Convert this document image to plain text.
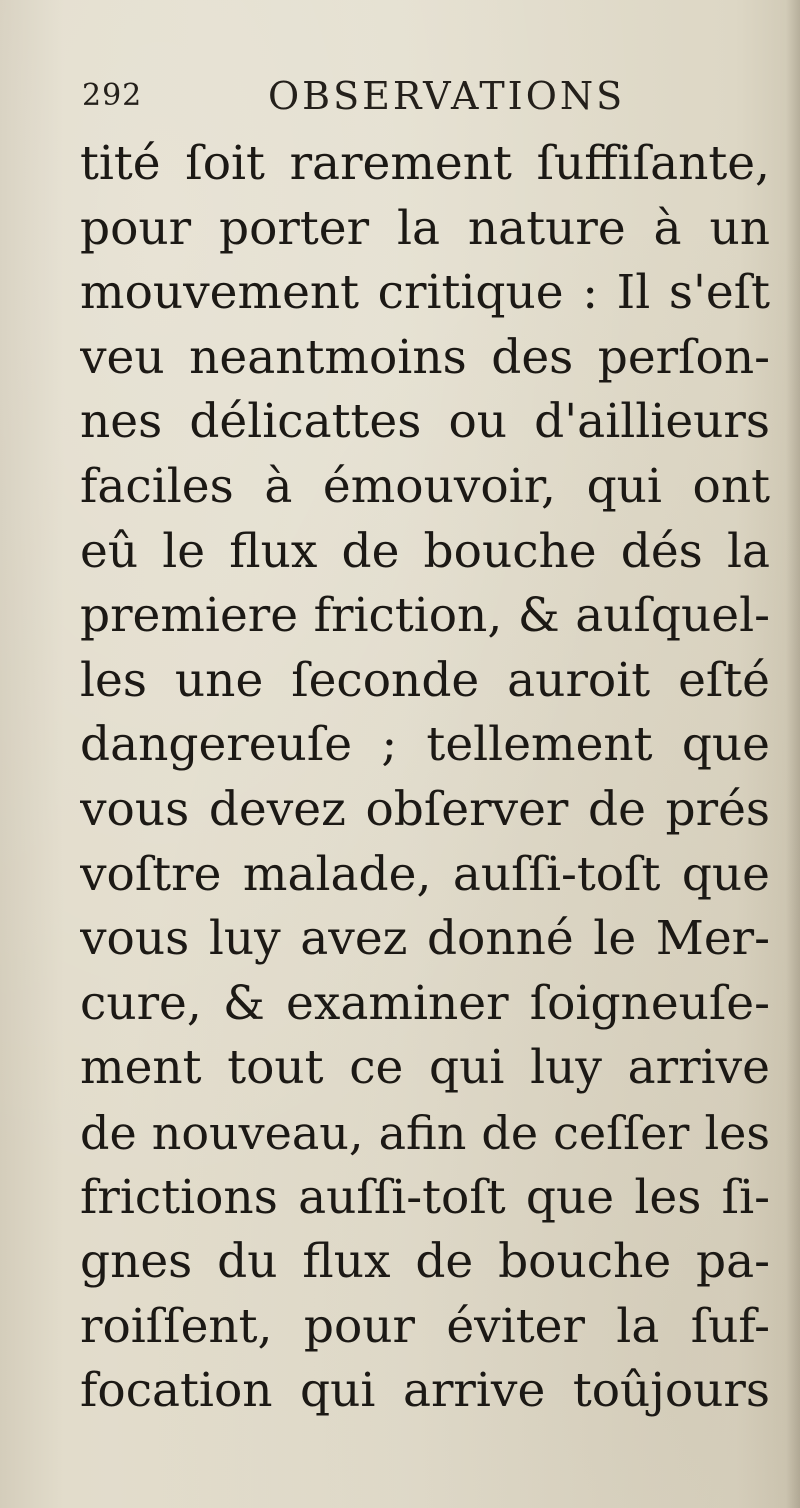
292	OBSERVATIONS
tité ſoit rarement ſuffiſante,
pour porter la nature à un
mouvement critique : Il s'eſt
veu neantmoins des perſon-
nes délicattes ou d'aillieurs
faciles à émouvoir, qui ont
eû le flux de bouche dés la
premiere friction, & auſquel-
les une ſeconde auroit eſté
dangereuſe ; tellement que
vous devez obſerver de prés
voſtre malade, auſſi-toſt que
vous luy avez donné le Mer-
cure, & examiner ſoigneuſe-
ment tout ce qui luy arrive
de nouveau, afin de ceſſer les
frictions auſſi-toſt que les ſi-
gnes du flux de bouche pa-
roiſſent, pour éviter la ſuf-
focation qui arrive toûjours
